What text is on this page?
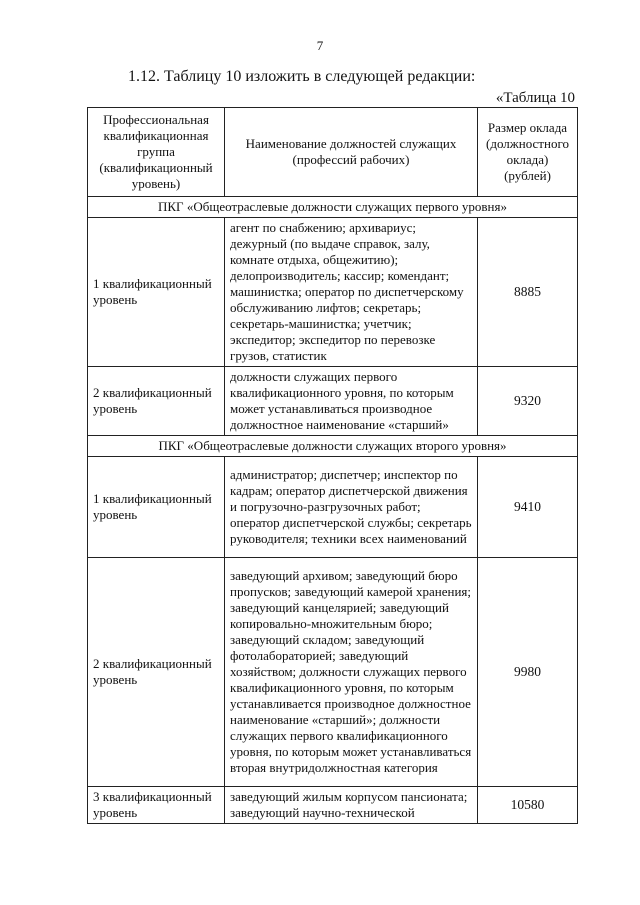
7
1.12. Таблицу 10 изложить в следующей редакции:
«Таблица 10
Профессиональная квалификационная группа (квалификационный уровень)	Наименование должностей служащих (профессий рабочих)	Размер оклада (должностного оклада) (рублей)
ПКГ «Общеотраслевые должности служащих первого уровня»		
1 квалификационный уровень	агент по снабжению; архивариус; дежурный (по выдаче справок, залу, комнате отдыха, общежитию); делопроизводитель; кассир; комендант; машинистка; оператор по диспетчерскому обслуживанию лифтов; секретарь; секретарь-машинистка; учетчик; экспедитор; экспедитор по перевозке грузов, статистик	8885
2 квалификационный уровень	должности служащих первого квалификационного уровня, по которым может устанавливаться производное должностное наименование «старший»	9320
ПКГ «Общеотраслевые должности служащих второго уровня»		
1 квалификационный уровень	администратор; диспетчер; инспектор по кадрам; оператор диспетчерской движения и погрузочно-разгрузочных работ; оператор диспетчерской службы; секретарь руководителя; техники всех наименований	9410
2 квалификационный уровень	заведующий архивом; заведующий бюро пропусков; заведующий камерой хранения; заведующий канцелярией; заведующий копировально-множительным бюро; заведующий складом; заведующий фотолабораторией; заведующий хозяйством; должности служащих первого квалификационного уровня, по которым устанавливается производное должностное наименование «старший»; должности служащих первого квалификационного уровня, по которым может устанавливаться вторая внутридолжностная категория	9980
3 квалификационный уровень	заведующий жилым корпусом пансионата; заведующий научно-технической	10580
